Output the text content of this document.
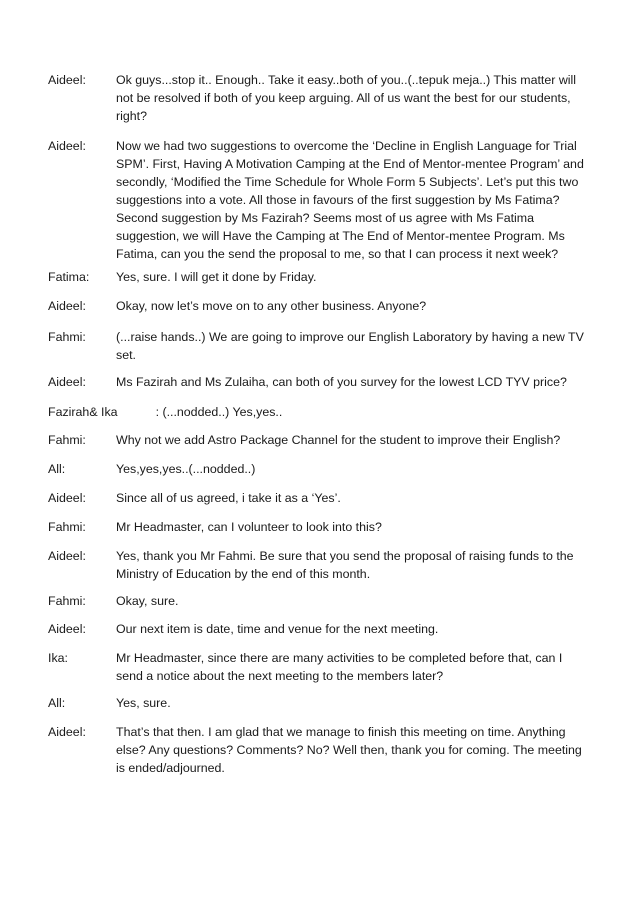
Aideel:	Ok guys...stop it.. Enough.. Take it easy..both of you..(..tepuk meja..) This matter will
not be resolved if both of you keep arguing. All of us want the best for our students,
right?
Aideel:	Now we had two suggestions to overcome the ‘Decline in English Language for Trial
SPM’. First, Having A Motivation Camping at the End of Mentor-mentee Program’ and
secondly, ‘Modified the Time Schedule for Whole Form 5 Subjects’. Let’s put this two
suggestions into a vote. All those in favours of the first suggestion by Ms Fatima?
Second suggestion by Ms Fazirah? Seems most of us agree with Ms Fatima
suggestion, we will Have the Camping at The End of Mentor-mentee Program. Ms
Fatima, can you the send the proposal to me, so that I can process it next week?
Fatima:	Yes, sure. I will get it done by Friday.
Aideel:	Okay, now let’s move on to any other business. Anyone?
Fahmi:	(...raise hands..) We are going to improve our English Laboratory by having a new TV
set.
Aideel:	Ms Fazirah and Ms Zulaiha, can both of you survey for the lowest LCD TYV price?
Fazirah& Ika	: (...nodded..) Yes,yes..
Fahmi:	Why not we add Astro Package Channel for the student to improve their English?
All:	Yes,yes,yes..(...nodded..)
Aideel:	Since all of us agreed, i take it as a ‘Yes’.
Fahmi:	Mr Headmaster, can I volunteer to look into this?
Aideel:	Yes, thank you Mr Fahmi. Be sure that you send the proposal of raising funds to the
Ministry of Education by the end of this month.
Fahmi:	Okay, sure.
Aideel:	Our next item is date, time and venue for the next meeting.
Ika:	Mr Headmaster, since there are many activities to be completed before that, can I
send a notice about the next meeting to the members later?
All:	Yes, sure.
Aideel:	That’s that then. I am glad that we manage to finish this meeting on time. Anything
else? Any questions? Comments? No? Well then, thank you for coming. The meeting
is ended/adjourned.
